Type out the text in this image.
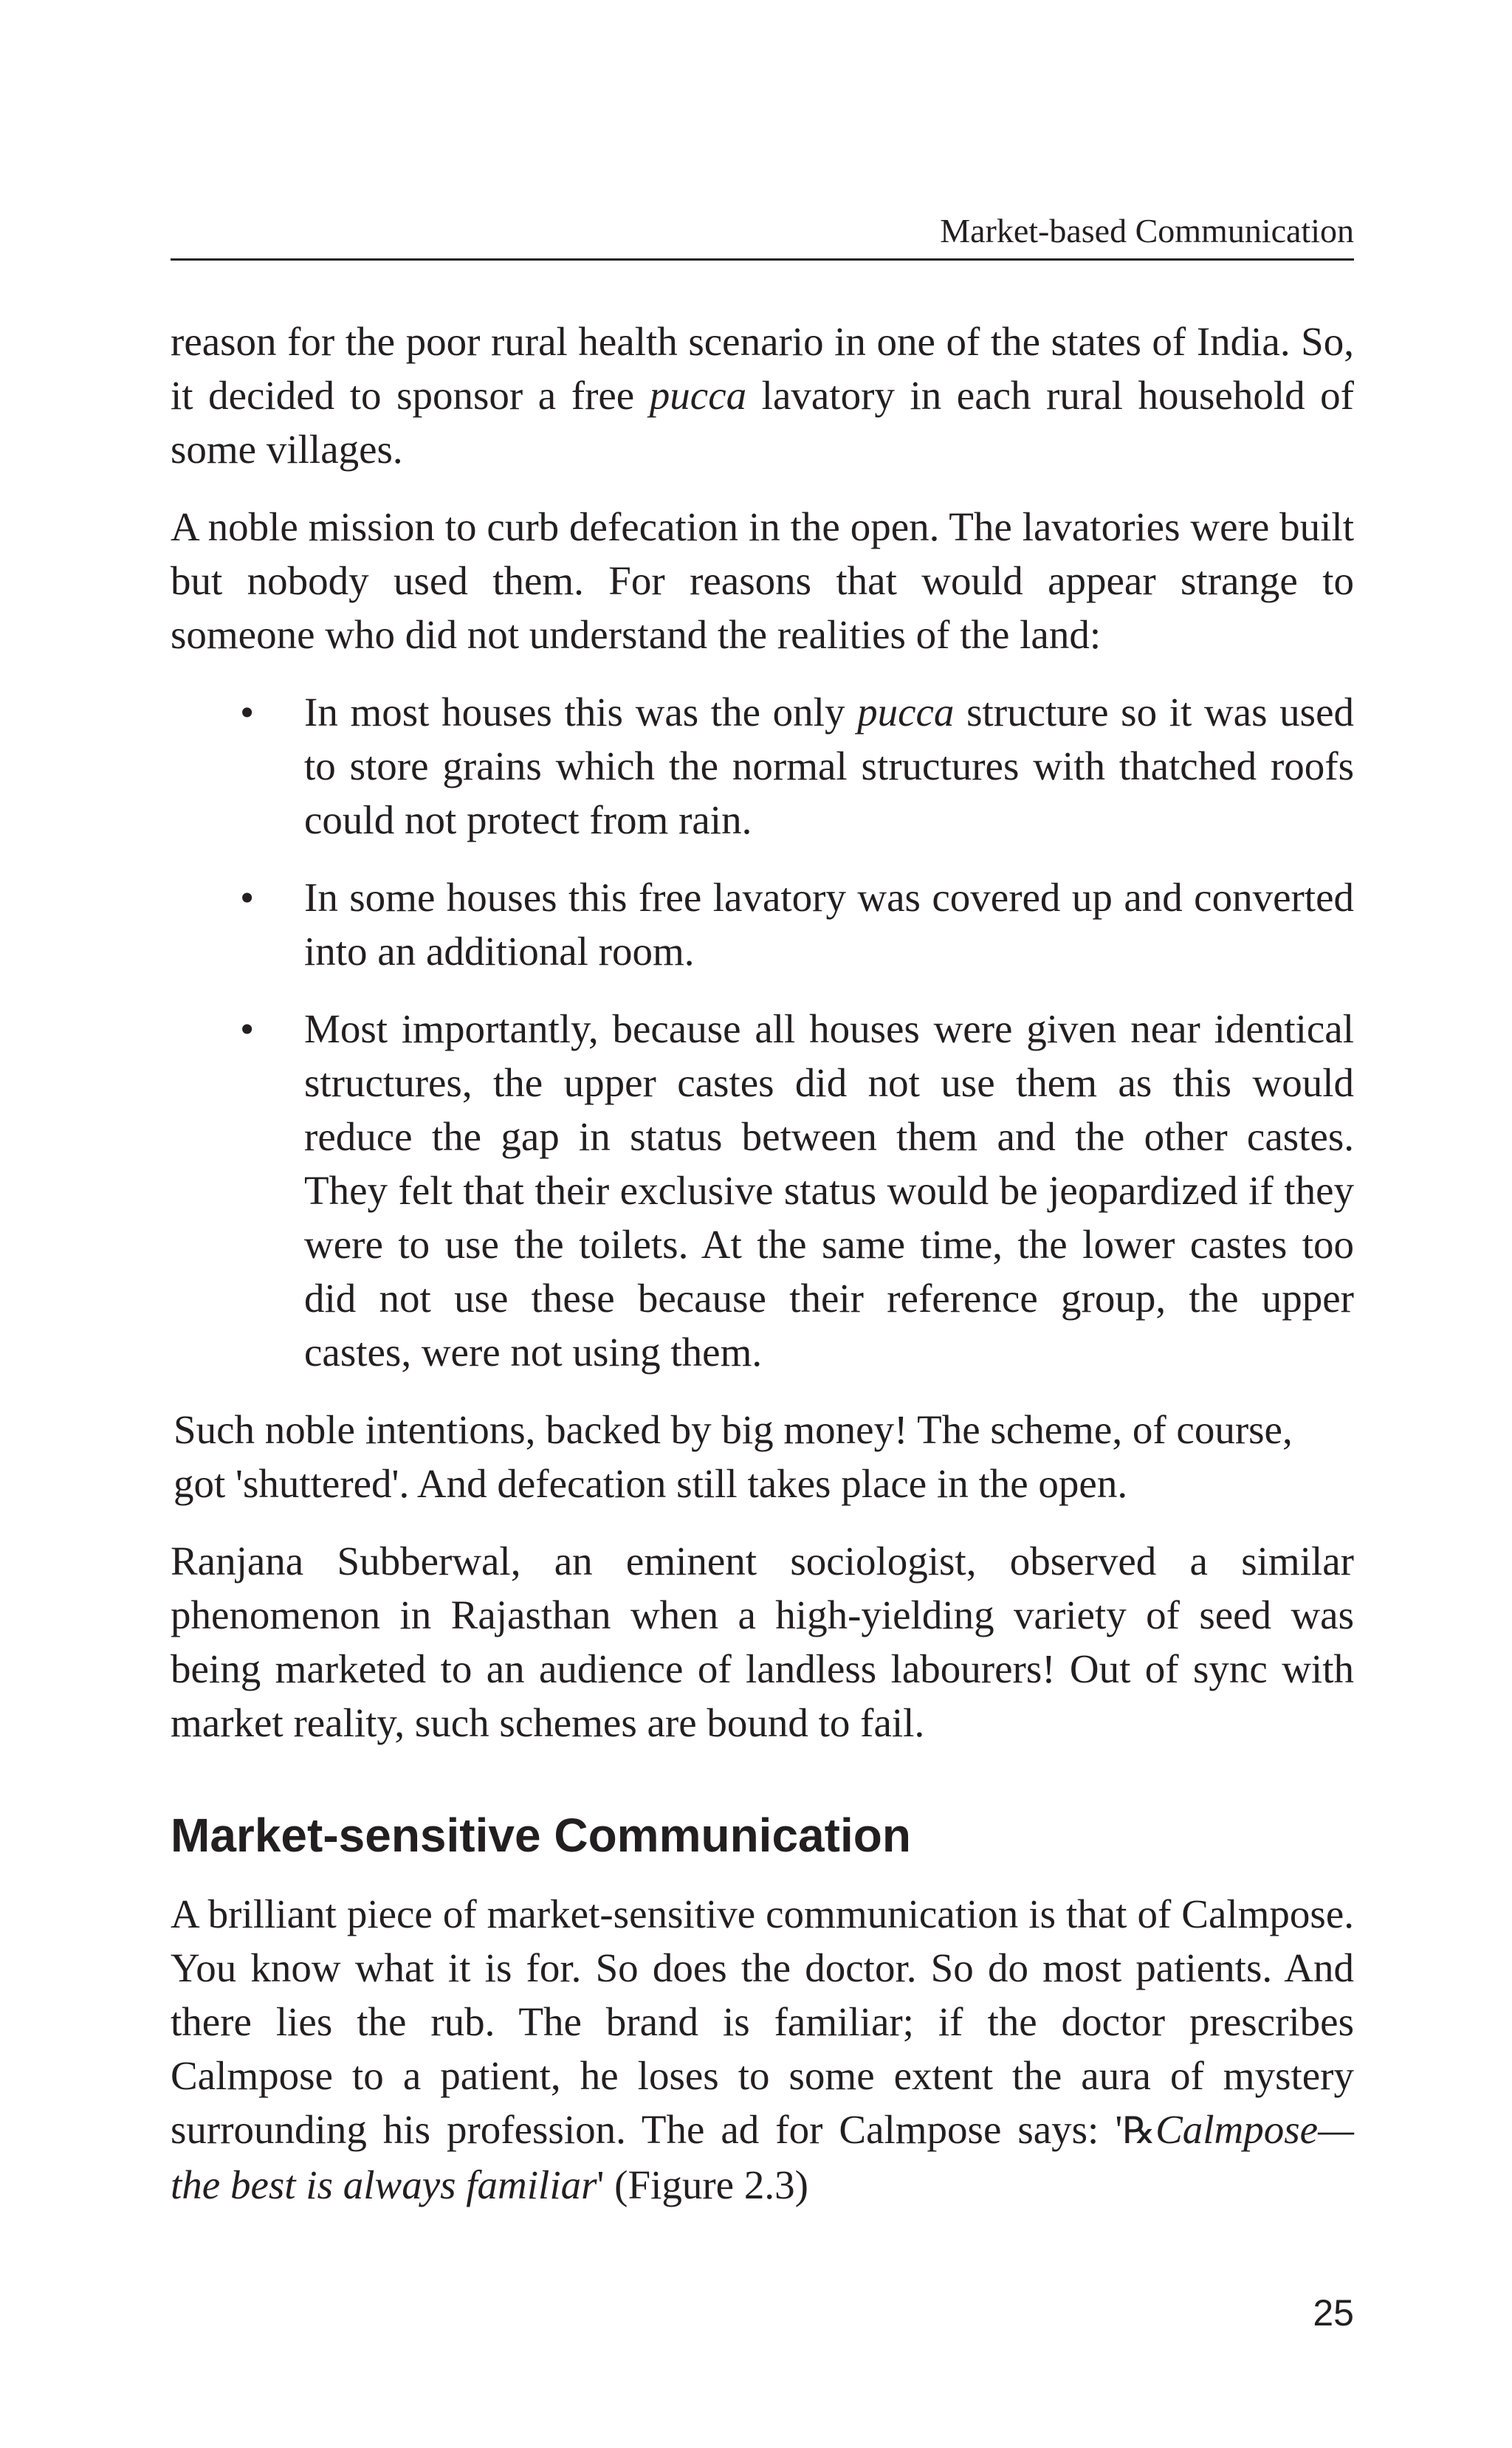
Market-based Communication

reason for the poor rural health scenario in one of the states of India. So, it decided to sponsor a free pucca lavatory in each rural household of some villages.

A noble mission to curb defecation in the open. The lavatories were built but nobody used them. For reasons that would appear strange to someone who did not understand the realities of the land:

• In most houses this was the only pucca structure so it was used to store grains which the normal structures with thatched roofs could not protect from rain.
• In some houses this free lavatory was covered up and converted into an additional room.
• Most importantly, because all houses were given near identical structures, the upper castes did not use them as this would reduce the gap in status between them and the other castes. They felt that their exclusive status would be jeopardized if they were to use the toilets. At the same time, the lower castes too did not use these because their reference group, the upper castes, were not using them.

Such noble intentions, backed by big money! The scheme, of course, got 'shuttered'. And defecation still takes place in the open.

Ranjana Subberwal, an eminent sociologist, observed a similar phenomenon in Rajasthan when a high-yielding variety of seed was being marketed to an audience of landless labourers! Out of sync with market reality, such schemes are bound to fail.

Market-sensitive Communication

A brilliant piece of market-sensitive communication is that of Calmpose. You know what it is for. So does the doctor. So do most patients. And there lies the rub. The brand is familiar; if the doctor prescribes Calmpose to a patient, he loses to some extent the aura of mystery surrounding his profession. The ad for Calmpose says: '℞Calmpose—the best is always familiar' (Figure 2.3)

25
